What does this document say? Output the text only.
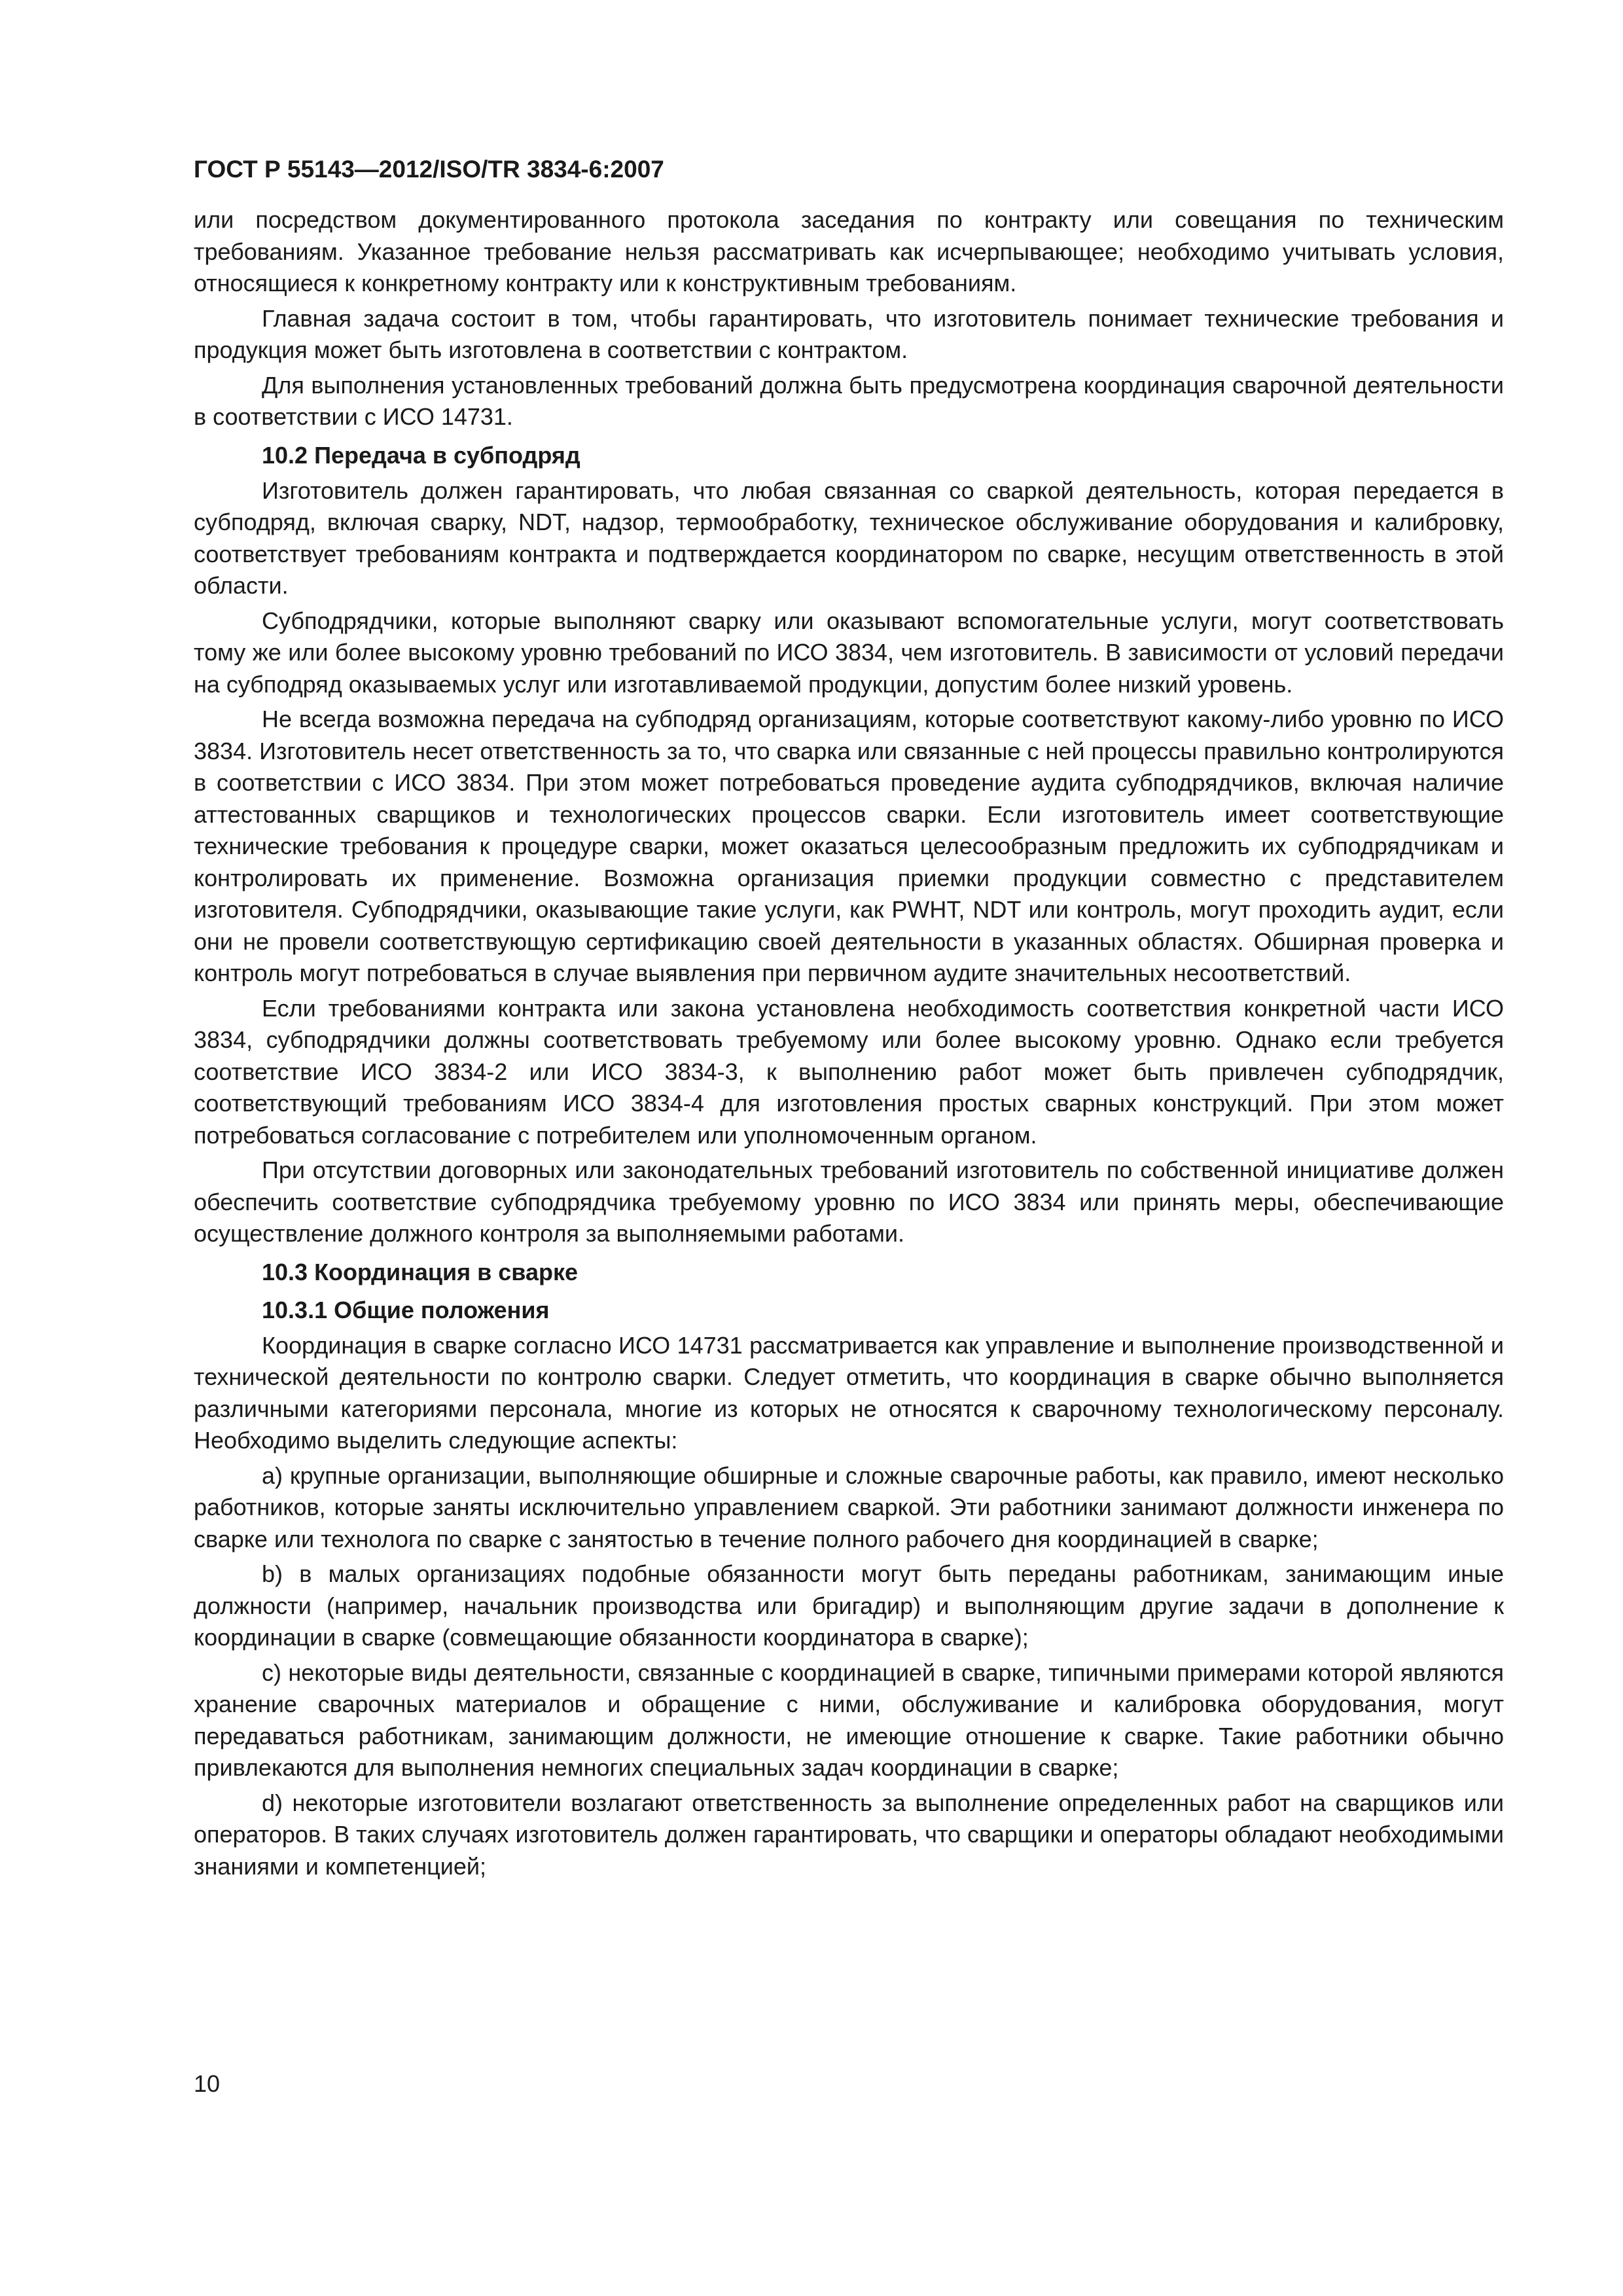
ГОСТ Р 55143—2012/ISO/TR 3834-6:2007

или посредством документированного протокола заседания по контракту или совещания по техническим требованиям. Указанное требование нельзя рассматривать как исчерпывающее; необходимо учитывать условия, относящиеся к конкретному контракту или к конструктивным требованиям.

Главная задача состоит в том, чтобы гарантировать, что изготовитель понимает технические требования и продукция может быть изготовлена в соответствии с контрактом.

Для выполнения установленных требований должна быть предусмотрена координация сварочной деятельности в соответствии с ИСО 14731.

10.2 Передача в субподряд

Изготовитель должен гарантировать, что любая связанная со сваркой деятельность, которая передается в субподряд, включая сварку, NDT, надзор, термообработку, техническое обслуживание оборудования и калибровку, соответствует требованиям контракта и подтверждается координатором по сварке, несущим ответственность в этой области.

Субподрядчики, которые выполняют сварку или оказывают вспомогательные услуги, могут соответствовать тому же или более высокому уровню требований по ИСО 3834, чем изготовитель. В зависимости от условий передачи на субподряд оказываемых услуг или изготавливаемой продукции, допустим более низкий уровень.

Не всегда возможна передача на субподряд организациям, которые соответствуют какому-либо уровню по ИСО 3834. Изготовитель несет ответственность за то, что сварка или связанные с ней процессы правильно контролируются в соответствии с ИСО 3834. При этом может потребоваться проведение аудита субподрядчиков, включая наличие аттестованных сварщиков и технологических процессов сварки. Если изготовитель имеет соответствующие технические требования к процедуре сварки, может оказаться целесообразным предложить их субподрядчикам и контролировать их применение. Возможна организация приемки продукции совместно с представителем изготовителя. Субподрядчики, оказывающие такие услуги, как PWHT, NDT или контроль, могут проходить аудит, если они не провели соответствующую сертификацию своей деятельности в указанных областях. Обширная проверка и контроль могут потребоваться в случае выявления при первичном аудите значительных несоответствий.

Если требованиями контракта или закона установлена необходимость соответствия конкретной части ИСО 3834, субподрядчики должны соответствовать требуемому или более высокому уровню. Однако если требуется соответствие ИСО 3834-2 или ИСО 3834-3, к выполнению работ может быть привлечен субподрядчик, соответствующий требованиям ИСО 3834-4 для изготовления простых сварных конструкций. При этом может потребоваться согласование с потребителем или уполномоченным органом.

При отсутствии договорных или законодательных требований изготовитель по собственной инициативе должен обеспечить соответствие субподрядчика требуемому уровню по ИСО 3834 или принять меры, обеспечивающие осуществление должного контроля за выполняемыми работами.

10.3 Координация в сварке
10.3.1 Общие положения

Координация в сварке согласно ИСО 14731 рассматривается как управление и выполнение производственной и технической деятельности по контролю сварки. Следует отметить, что координация в сварке обычно выполняется различными категориями персонала, многие из которых не относятся к сварочному технологическому персоналу. Необходимо выделить следующие аспекты:

a) крупные организации, выполняющие обширные и сложные сварочные работы, как правило, имеют несколько работников, которые заняты исключительно управлением сваркой. Эти работники занимают должности инженера по сварке или технолога по сварке с занятостью в течение полного рабочего дня координацией в сварке;

b) в малых организациях подобные обязанности могут быть переданы работникам, занимающим иные должности (например, начальник производства или бригадир) и выполняющим другие задачи в дополнение к координации в сварке (совмещающие обязанности координатора в сварке);

c) некоторые виды деятельности, связанные с координацией в сварке, типичными примерами которой являются хранение сварочных материалов и обращение с ними, обслуживание и калибровка оборудования, могут передаваться работникам, занимающим должности, не имеющие отношение к сварке. Такие работники обычно привлекаются для выполнения немногих специальных задач координации в сварке;

d) некоторые изготовители возлагают ответственность за выполнение определенных работ на сварщиков или операторов. В таких случаях изготовитель должен гарантировать, что сварщики и операторы обладают необходимыми знаниями и компетенцией;

10
